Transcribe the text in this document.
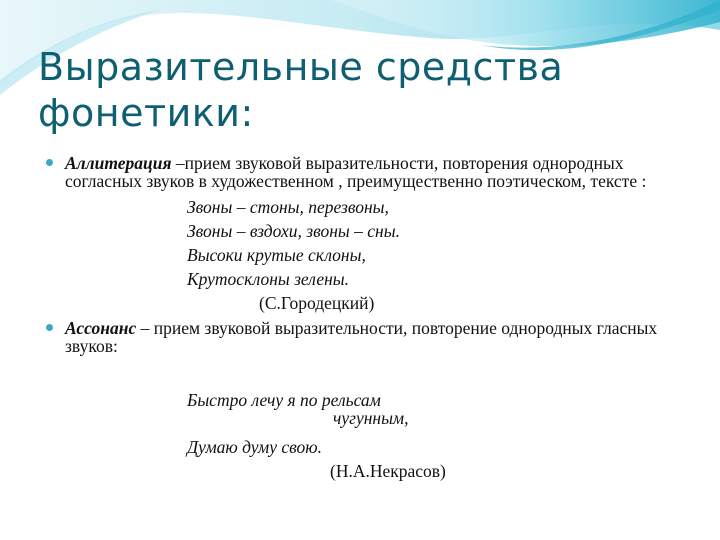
Выразительные средства фонетики:
Аллитерация –прием звуковой выразительности, повторения однородных согласных звуков в художественном , преимущественно поэтическом, тексте :
Звоны – стоны, перезвоны,
Звоны – вздохи, звоны – сны.
Высоки крутые склоны,
Крутосклоны зелены.
(С.Городецкий)
Ассонанс – прием звуковой выразительности, повторение однородных гласных звуков:
Быстро лечу я по рельсам
чугунным,
Думаю думу свою.
(Н.А.Некрасов)
